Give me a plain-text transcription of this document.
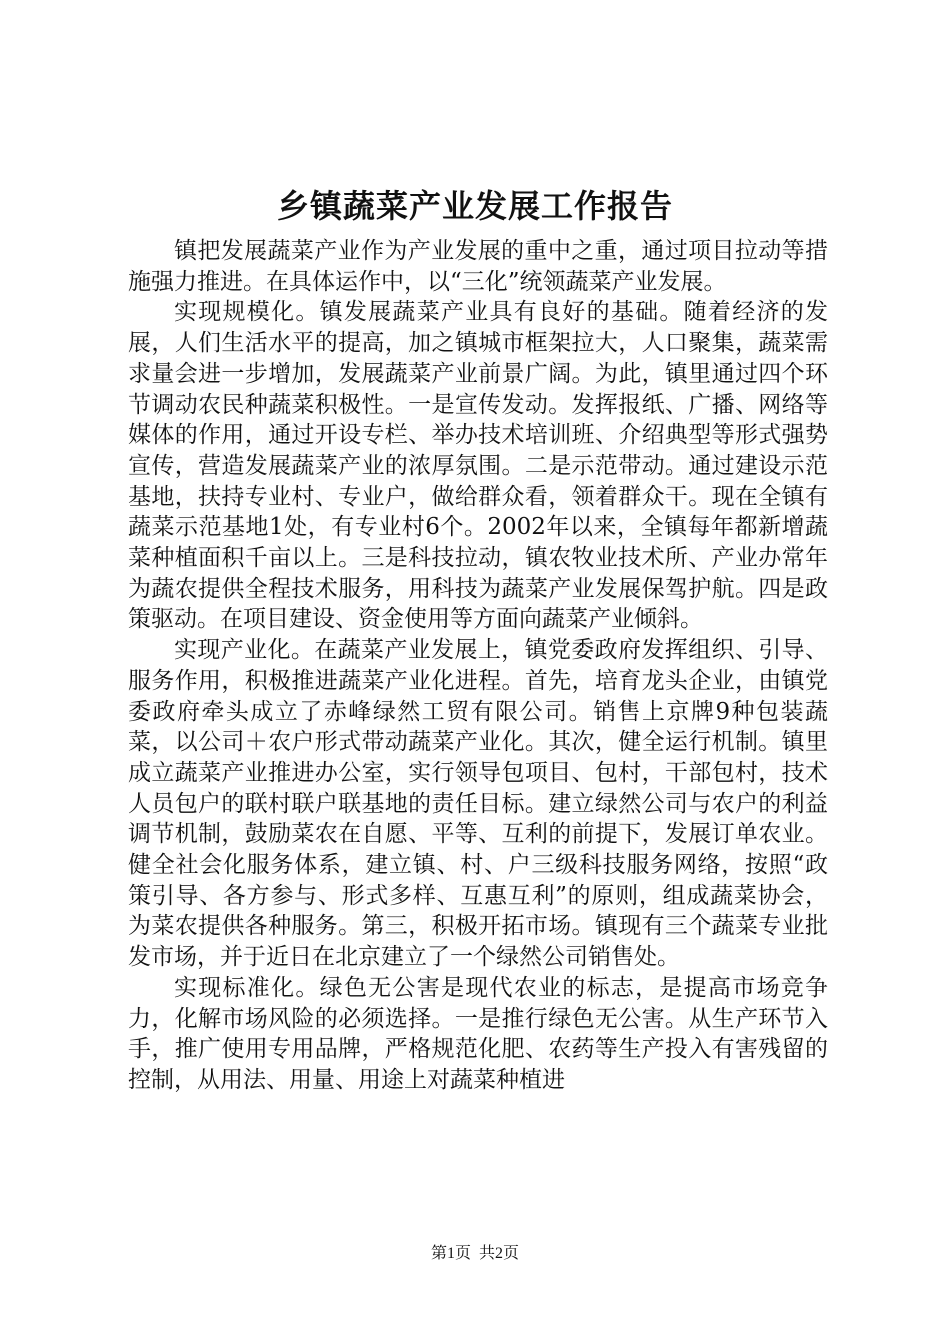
乡镇蔬菜产业发展工作报告

镇把发展蔬菜产业作为产业发展的重中之重，通过项目拉动等措施强力推进。在具体运作中，以“三化”统领蔬菜产业发展。

实现规模化。镇发展蔬菜产业具有良好的基础。随着经济的发展，人们生活水平的提高，加之镇城市框架拉大，人口聚集，蔬菜需求量会进一步增加，发展蔬菜产业前景广阔。为此，镇里通过四个环节调动农民种蔬菜积极性。一是宣传发动。发挥报纸、广播、网络等媒体的作用，通过开设专栏、举办技术培训班、介绍典型等形式强势宣传，营造发展蔬菜产业的浓厚氛围。二是示范带动。通过建设示范基地，扶持专业村、专业户，做给群众看，领着群众干。现在全镇有蔬菜示范基地1处，有专业村6个。2002年以来，全镇每年都新增蔬菜种植面积千亩以上。三是科技拉动，镇农牧业技术所、产业办常年为蔬农提供全程技术服务，用科技为蔬菜产业发展保驾护航。四是政策驱动。在项目建设、资金使用等方面向蔬菜产业倾斜。

实现产业化。在蔬菜产业发展上，镇党委政府发挥组织、引导、服务作用，积极推进蔬菜产业化进程。首先，培育龙头企业，由镇党委政府牵头成立了赤峰绿然工贸有限公司。销售上京牌9种包装蔬菜，以公司＋农户形式带动蔬菜产业化。其次，健全运行机制。镇里成立蔬菜产业推进办公室，实行领导包项目、包村，干部包村，技术人员包户的联村联户联基地的责任目标。建立绿然公司与农户的利益调节机制，鼓励菜农在自愿、平等、互利的前提下，发展订单农业。健全社会化服务体系，建立镇、村、户三级科技服务网络，按照“政策引导、各方参与、形式多样、互惠互利”的原则，组成蔬菜协会，为菜农提供各种服务。第三，积极开拓市场。镇现有三个蔬菜专业批发市场，并于近日在北京建立了一个绿然公司销售处。

实现标准化。绿色无公害是现代农业的标志，是提高市场竞争力，化解市场风险的必须选择。一是推行绿色无公害。从生产环节入手，推广使用专用品牌，严格规范化肥、农药等生产投入有害残留的控制，从用法、用量、用途上对蔬菜种植进

第1页 共2页
